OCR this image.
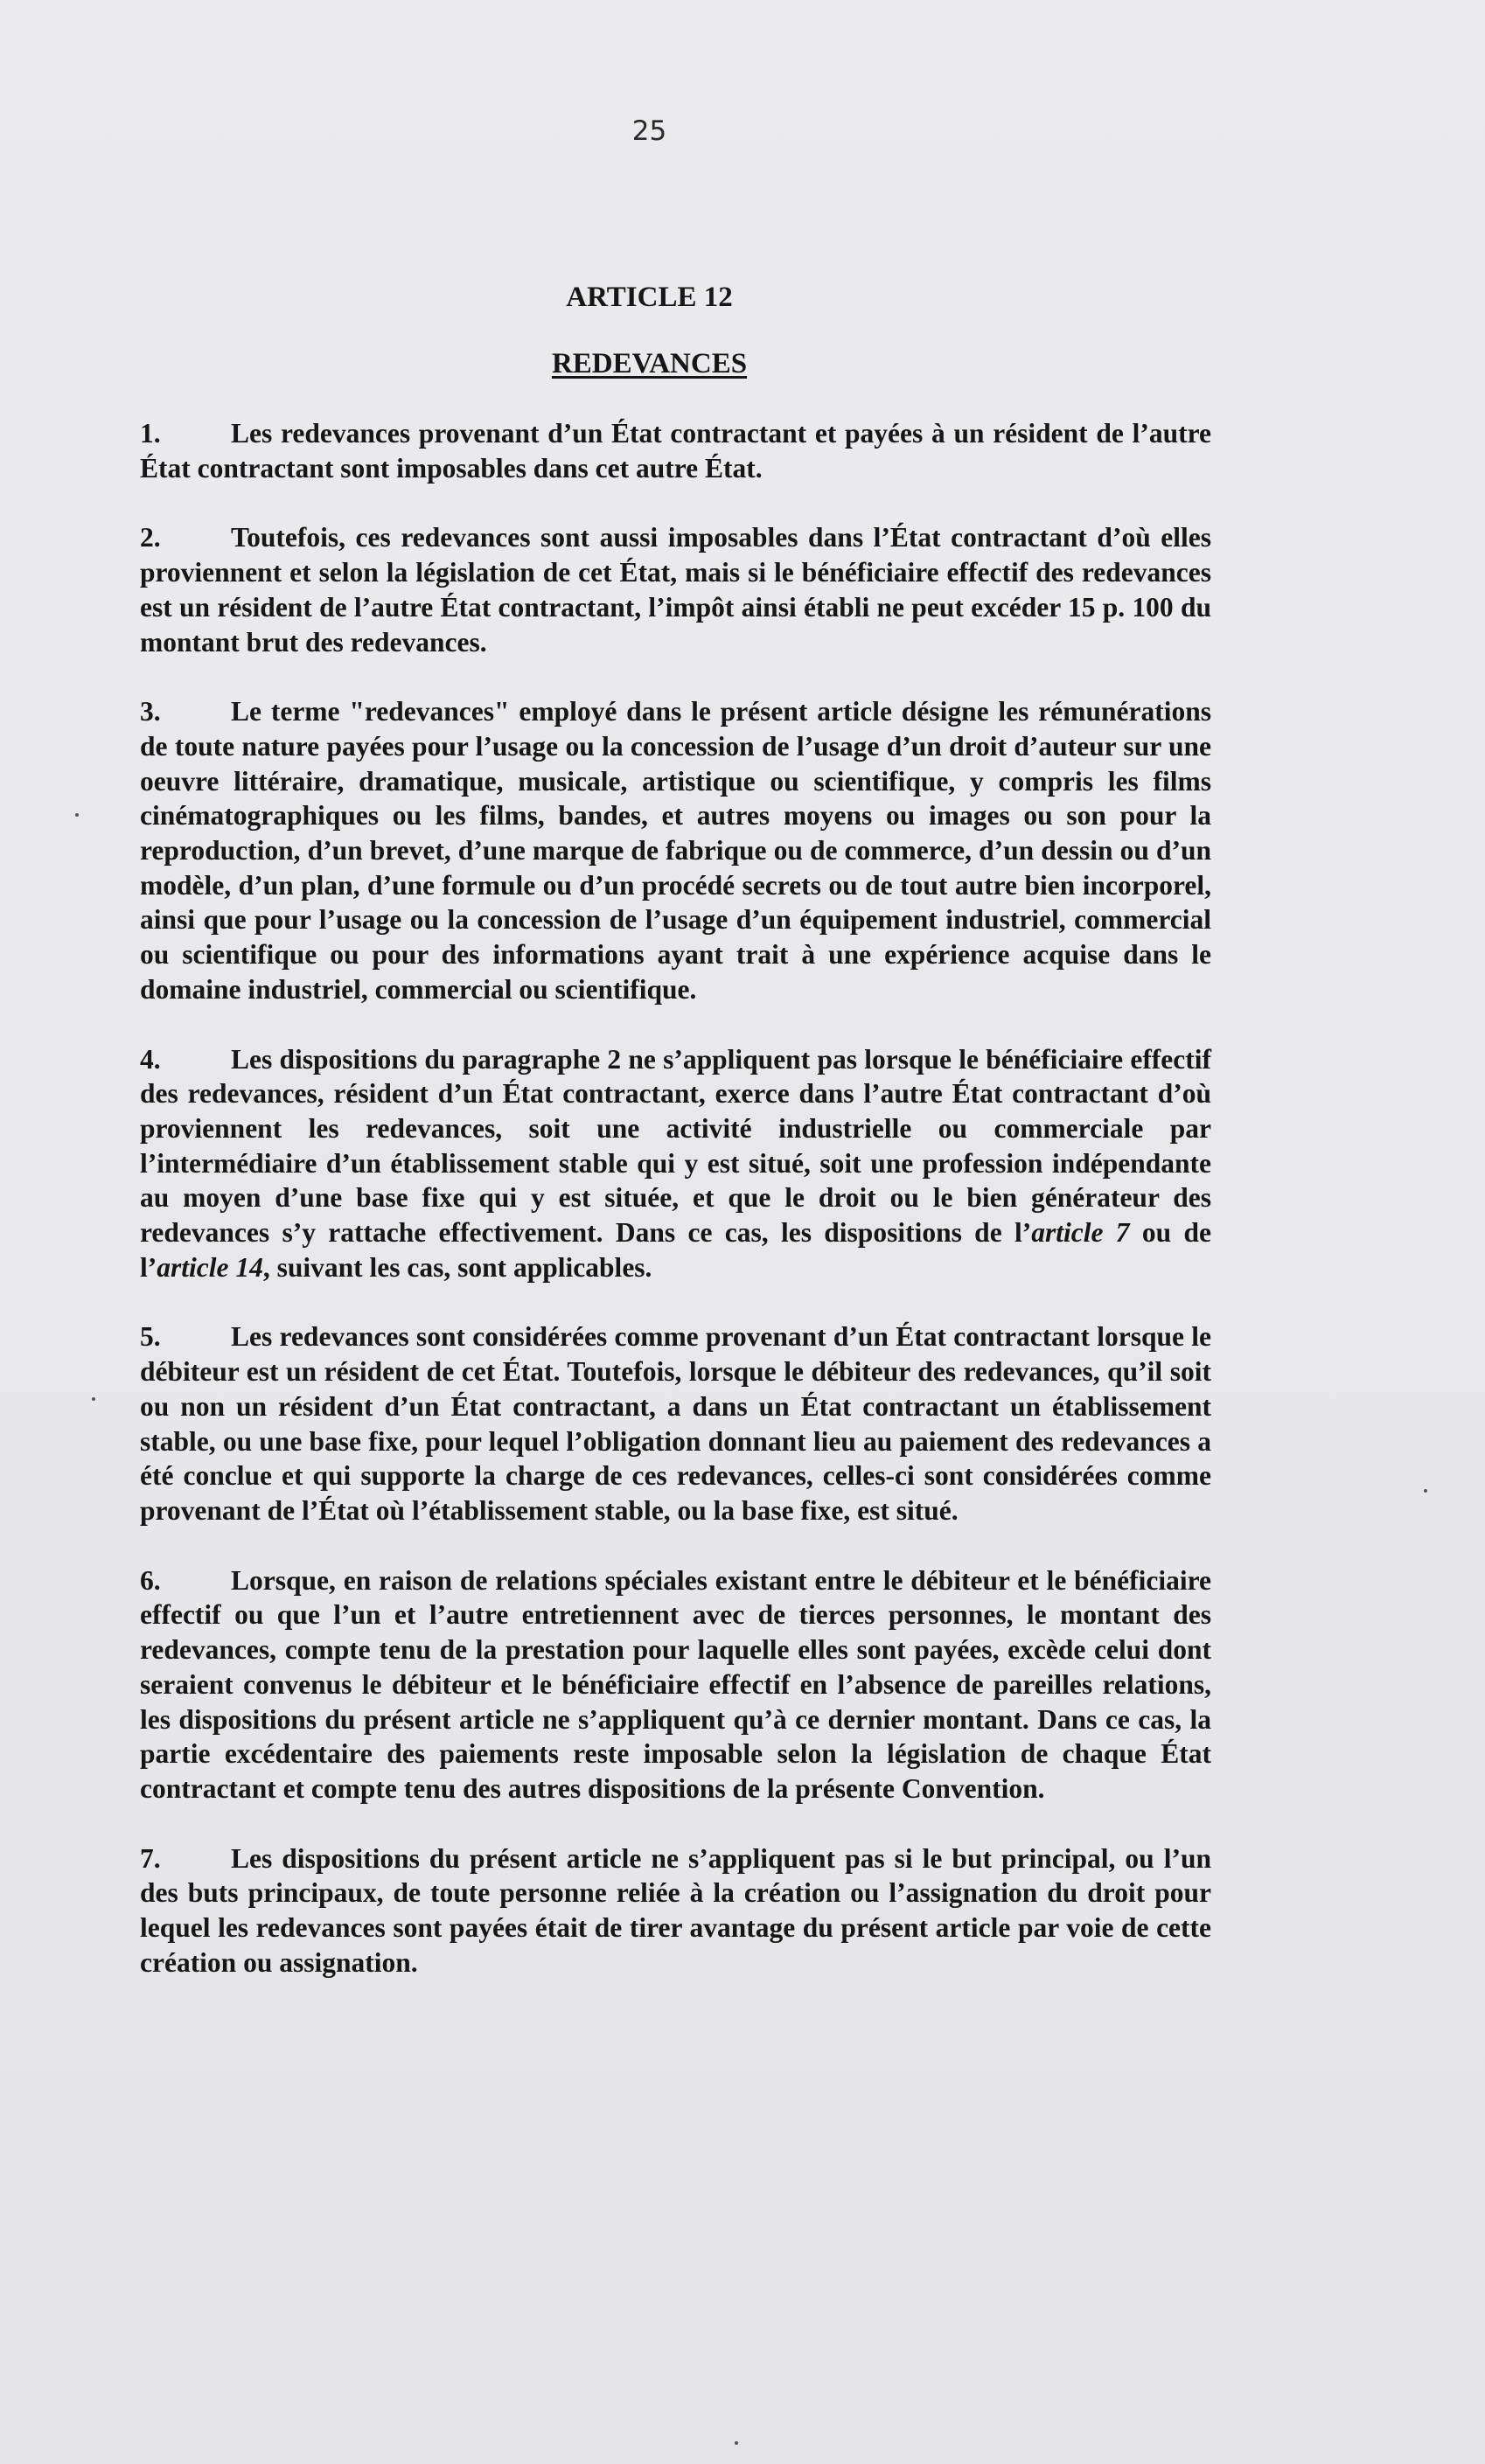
25
ARTICLE 12
REDEVANCES

1.	Les redevances provenant d’un État contractant et payées à un résident de l’autre État contractant sont imposables dans cet autre État.

2.	Toutefois, ces redevances sont aussi imposables dans l’État contractant d’où elles proviennent et selon la législation de cet État, mais si le bénéficiaire effectif des redevances est un résident de l’autre État contractant, l’impôt ainsi établi ne peut excéder 15 p. 100 du montant brut des redevances.

3.	Le terme "redevances" employé dans le présent article désigne les rémunérations de toute nature payées pour l’usage ou la concession de l’usage d’un droit d’auteur sur une oeuvre littéraire, dramatique, musicale, artistique ou scientifique, y compris les films cinématographiques ou les films, bandes, et autres moyens ou images ou son pour la reproduction, d’un brevet, d’une marque de fabrique ou de commerce, d’un dessin ou d’un modèle, d’un plan, d’une formule ou d’un procédé secrets ou de tout autre bien incorporel, ainsi que pour l’usage ou la concession de l’usage d’un équipement industriel, commercial ou scientifique ou pour des informations ayant trait à une expérience acquise dans le domaine industriel, commercial ou scientifique.

4.	Les dispositions du paragraphe 2 ne s’appliquent pas lorsque le bénéficiaire effectif des redevances, résident d’un État contractant, exerce dans l’autre État contractant d’où proviennent les redevances, soit une activité industrielle ou commerciale par l’intermédiaire d’un établissement stable qui y est situé, soit une profession indépendante au moyen d’une base fixe qui y est située, et que le droit ou le bien générateur des redevances s’y rattache effectivement. Dans ce cas, les dispositions de l’article 7 ou de l’article 14, suivant les cas, sont applicables.

5.	Les redevances sont considérées comme provenant d’un État contractant lorsque le débiteur est un résident de cet État. Toutefois, lorsque le débiteur des redevances, qu’il soit ou non un résident d’un État contractant, a dans un État contractant un établissement stable, ou une base fixe, pour lequel l’obligation donnant lieu au paiement des redevances a été conclue et qui supporte la charge de ces redevances, celles-ci sont considérées comme provenant de l’État où l’établissement stable, ou la base fixe, est situé.

6.	Lorsque, en raison de relations spéciales existant entre le débiteur et le bénéficiaire effectif ou que l’un et l’autre entretiennent avec de tierces personnes, le montant des redevances, compte tenu de la prestation pour laquelle elles sont payées, excède celui dont seraient convenus le débiteur et le bénéficiaire effectif en l’absence de pareilles relations, les dispositions du présent article ne s’appliquent qu’à ce dernier montant. Dans ce cas, la partie excédentaire des paiements reste imposable selon la législation de chaque État contractant et compte tenu des autres dispositions de la présente Convention.

7.	Les dispositions du présent article ne s’appliquent pas si le but principal, ou l’un des buts principaux, de toute personne reliée à la création ou l’assignation du droit pour lequel les redevances sont payées était de tirer avantage du présent article par voie de cette création ou assignation.
